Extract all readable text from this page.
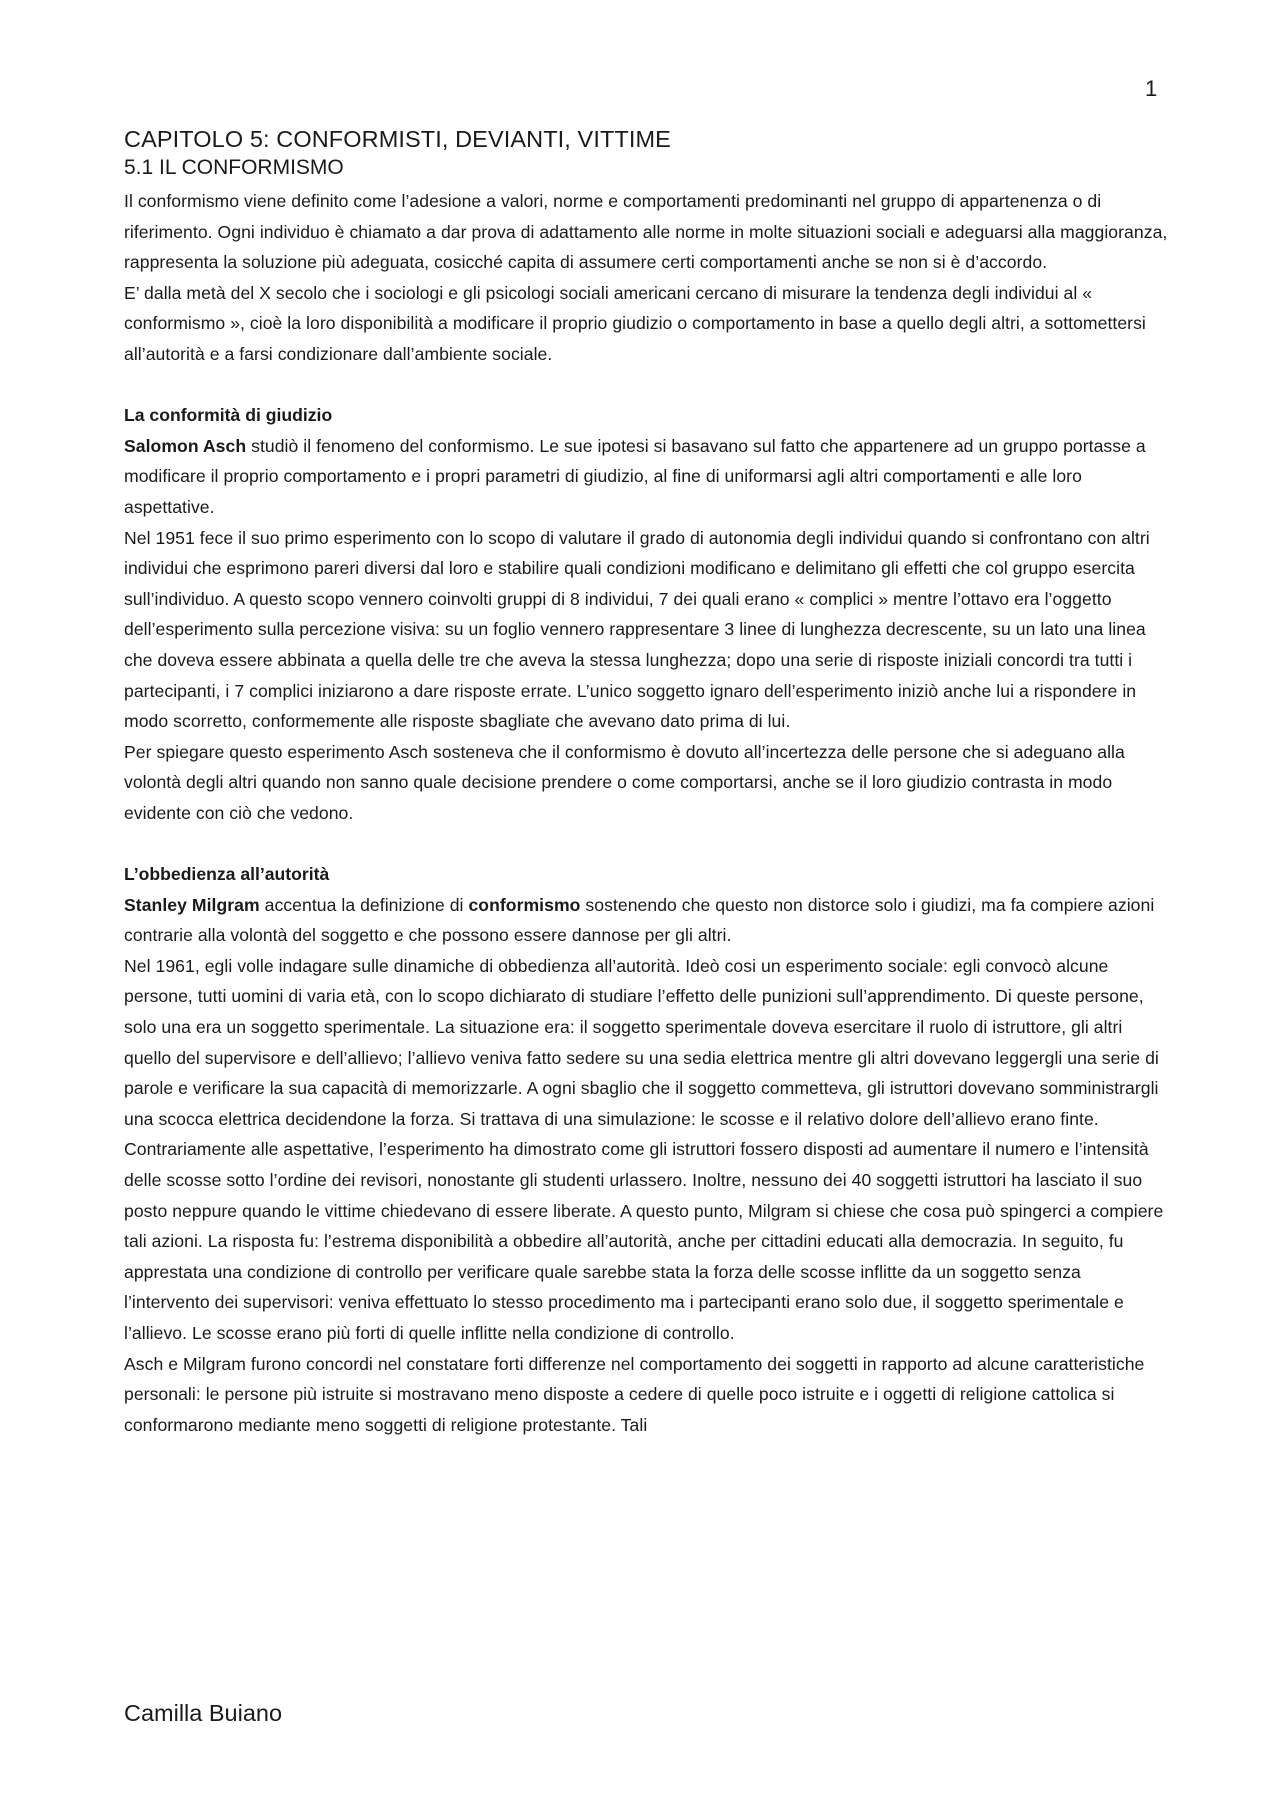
1
CAPITOLO 5: CONFORMISTI, DEVIANTI, VITTIME
5.1 IL CONFORMISMO

Il conformismo viene definito come l’adesione a valori, norme e comportamenti predominanti nel gruppo di appartenenza o di riferimento. Ogni individuo è chiamato a dar prova di adattamento alle norme in molte situazioni sociali e adeguarsi alla maggioranza, rappresenta la soluzione più adeguata, cosicché capita di assumere certi comportamenti anche se non si è d’accordo.

E’ dalla metà del X secolo che i sociologi e gli psicologi sociali americani cercano di misurare la tendenza degli individui al « conformismo », cioè la loro disponibilità a modificare il proprio giudizio o comportamento in base a quello degli altri, a sottomettersi all’autorità e a farsi condizionare dall’ambiente sociale.

La conformità di giudizio

Salomon Asch studiò il fenomeno del conformismo. Le sue ipotesi si basavano sul fatto che appartenere ad un gruppo portasse a modificare il proprio comportamento e i propri parametri di giudizio, al fine di uniformarsi agli altri comportamenti e alle loro aspettative.

Nel 1951 fece il suo primo esperimento con lo scopo di valutare il grado di autonomia degli individui quando si confrontano con altri individui che esprimono pareri diversi dal loro e stabilire quali condizioni modificano e delimitano gli effetti che col gruppo esercita sull’individuo. A questo scopo vennero coinvolti gruppi di 8 individui, 7 dei quali erano « complici » mentre l’ottavo era l’oggetto dell’esperimento sulla percezione visiva: su un foglio vennero rappresentare 3 linee di lunghezza decrescente, su un lato una linea che doveva essere abbinata a quella delle tre che aveva la stessa lunghezza; dopo una serie di risposte iniziali concordi tra tutti i partecipanti, i 7 complici iniziarono a dare risposte errate. L’unico soggetto ignaro dell’esperimento iniziò anche lui a rispondere in modo scorretto, conformemente alle risposte sbagliate che avevano dato prima di lui.

Per spiegare questo esperimento Asch sosteneva che il conformismo è dovuto all’incertezza delle persone che si adeguano alla volontà degli altri quando non sanno quale decisione prendere o come comportarsi, anche se il loro giudizio contrasta in modo evidente con ciò che vedono.

L’obbedienza all’autorità

Stanley Milgram accentua la definizione di conformismo sostenendo che questo non distorce solo i giudizi, ma fa compiere azioni contrarie alla volontà del soggetto e che possono essere dannose per gli altri.

Nel 1961, egli volle indagare sulle dinamiche di obbedienza all’autorità. Ideò cosi un esperimento sociale: egli convocò alcune persone, tutti uomini di varia età, con lo scopo dichiarato di studiare l’effetto delle punizioni sull’apprendimento. Di queste persone, solo una era un soggetto sperimentale. La situazione era: il soggetto sperimentale doveva esercitare il ruolo di istruttore, gli altri quello del supervisore e dell’allievo; l’allievo veniva fatto sedere su una sedia elettrica mentre gli altri dovevano leggergli una serie di parole e verificare la sua capacità di memorizzarle. A ogni sbaglio che il soggetto commetteva, gli istruttori dovevano somministrargli una scocca elettrica decidendone la forza. Si trattava di una simulazione: le scosse e il relativo dolore dell’allievo erano finte. Contrariamente alle aspettative, l’esperimento ha dimostrato come gli istruttori fossero disposti ad aumentare il numero e l’intensità delle scosse sotto l’ordine dei revisori, nonostante gli studenti urlassero. Inoltre, nessuno dei 40 soggetti istruttori ha lasciato il suo posto neppure quando le vittime chiedevano di essere liberate. A questo punto, Milgram si chiese che cosa può spingerci a compiere tali azioni. La risposta fu: l’estrema disponibilità a obbedire all’autorità, anche per cittadini educati alla democrazia. In seguito, fu apprestata una condizione di controllo per verificare quale sarebbe stata la forza delle scosse inflitte da un soggetto senza l’intervento dei supervisori: veniva effettuato lo stesso procedimento ma i partecipanti erano solo due, il soggetto sperimentale e l’allievo. Le scosse erano più forti di quelle inflitte nella condizione di controllo.

Asch e Milgram furono concordi nel constatare forti differenze nel comportamento dei soggetti in rapporto ad alcune caratteristiche personali: le persone più istruite si mostravano meno disposte a cedere di quelle poco istruite e i oggetti di religione cattolica si conformarono mediante meno soggetti di religione protestante. Tali

Camilla Buiano
